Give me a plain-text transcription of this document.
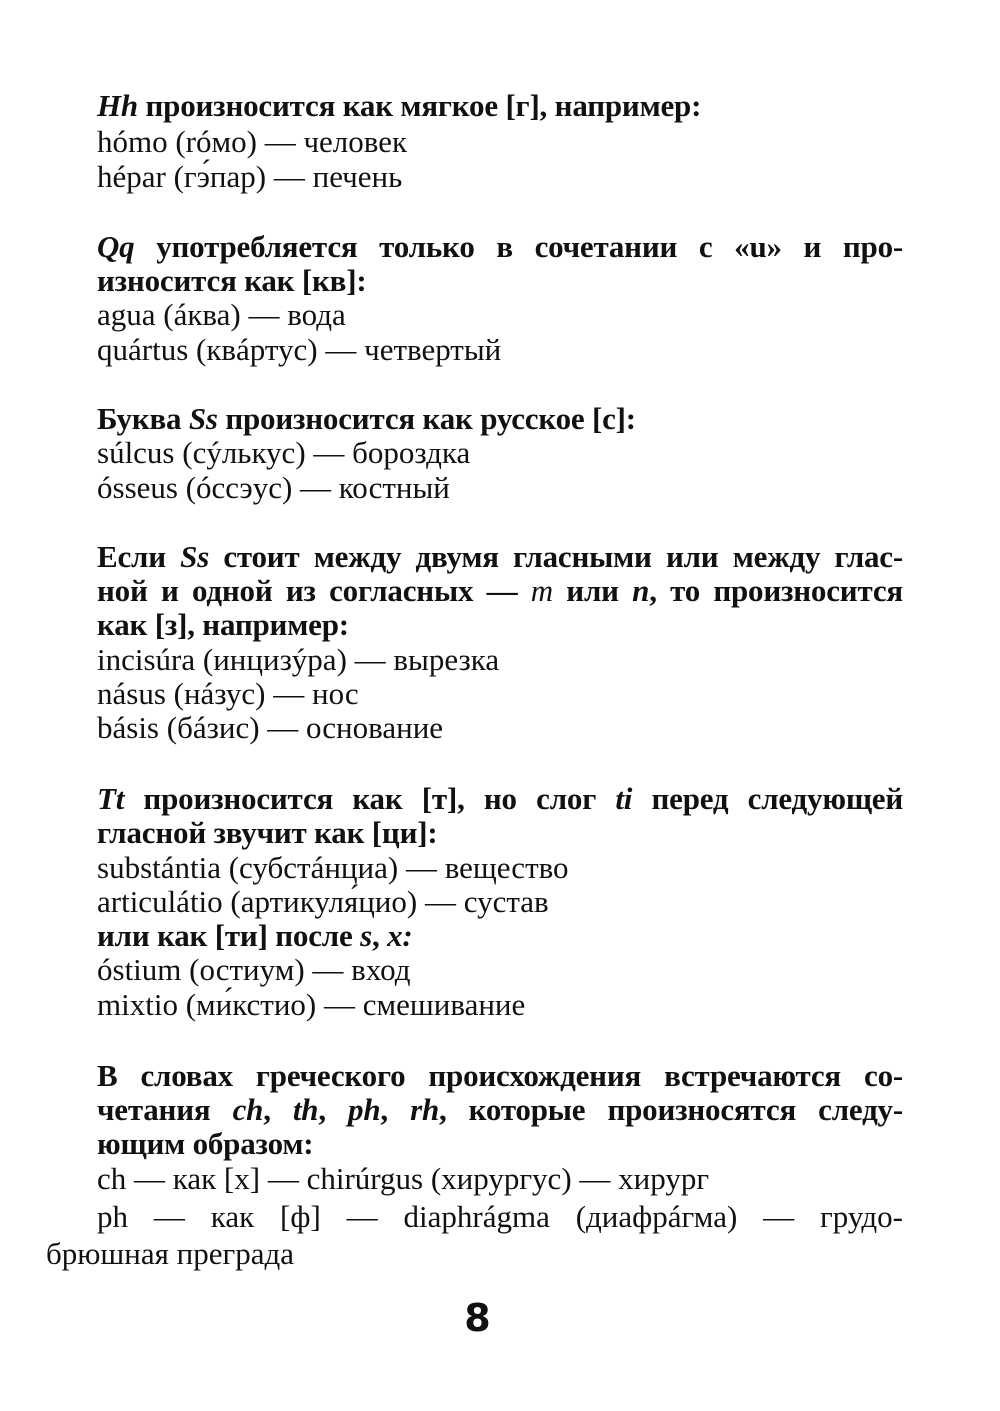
Hh произносится как мягкое [г], например:
hómo (róмo) — человек
hépar (гэ́пар) — печень
Qq употребляется только в сочетании с «u» и про-
износится как [кв]:
agua (áква) — вода
quártus (квáртус) — четвертый
Буква Ss произносится как русское [с]:
súlcus (сýлькус) — бороздка
ósseus (óссэус) — костный
Если Ss стоит между двумя гласными или между глас-
ной и одной из согласных — m или n, то произносится
как [з], например:
incisúra (инцизýра) — вырезка
násus (нáзус) — нос
básis (бáзис) — основание
Tt произносится как [т], но слог ti перед следующей
гласной звучит как [ци]:
substántia (субстáнциа) — вещество
articulátio (артикуля́цио) — сустав
или как [ти] после s, x:
óstium (остиум) — вход
mixtio (ми́кстио) — смешивание
В словах греческого происхождения встречаются со-
четания ch, th, ph, rh, которые произносятся следу-
ющим образом:
ch — как [х] — chirúrgus (хирургус) — хирург
ph — как [ф] — diaphrágma (диафрáгма) — грудо-
брюшная преграда
8
